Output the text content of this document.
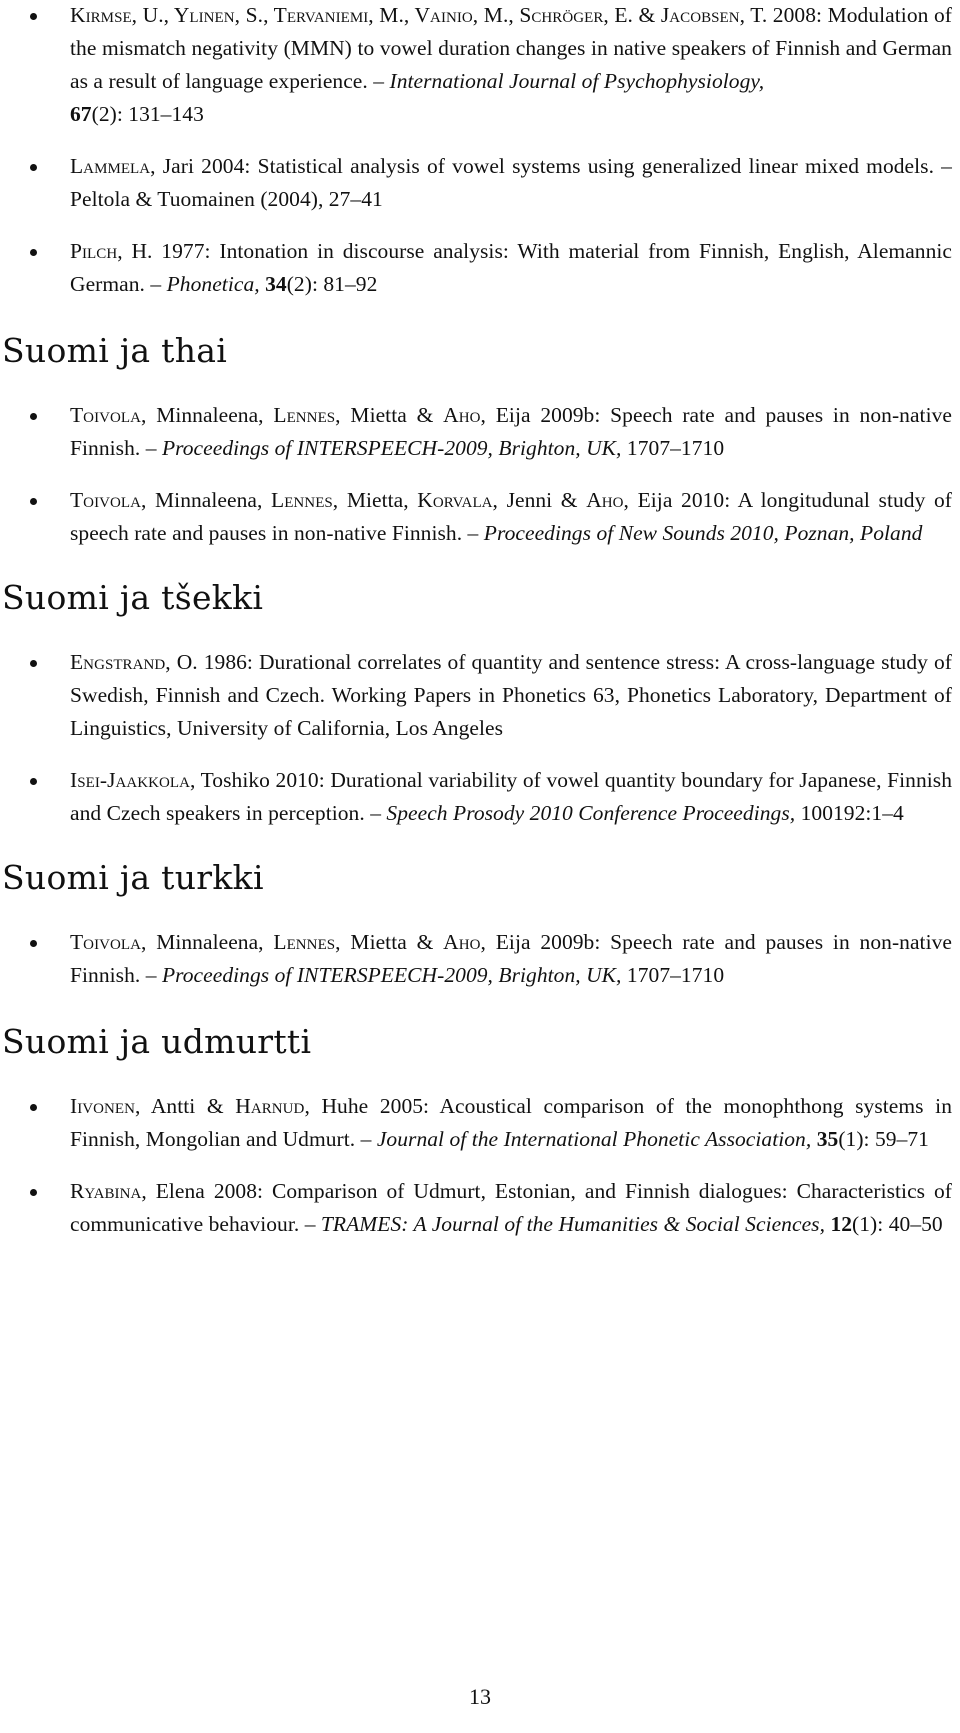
Kirmse, U., Ylinen, S., Tervaniemi, M., Vainio, M., Schröger, E. & Jacobsen, T. 2008: Modulation of the mismatch negativity (MMN) to vowel duration changes in native speakers of Finnish and German as a result of language experience. – International Journal of Psychophysiology,
67(2): 131–143
Lammela, Jari 2004: Statistical analysis of vowel systems using generalized linear mixed models. – Peltola & Tuomainen (2004), 27–41
Pilch, H. 1977: Intonation in discourse analysis: With material from Finnish, English, Alemannic German. – Phonetica, 34(2): 81–92
Suomi ja thai
Toivola, Minnaleena, Lennes, Mietta & Aho, Eija 2009b: Speech rate and pauses in non-native Finnish. – Proceedings of INTERSPEECH-2009, Brighton, UK, 1707–1710
Toivola, Minnaleena, Lennes, Mietta, Korvala, Jenni & Aho, Eija 2010: A longitudunal study of speech rate and pauses in non-native Finnish. – Proceedings of New Sounds 2010, Poznan, Poland
Suomi ja tšekki
Engstrand, O. 1986: Durational correlates of quantity and sentence stress: A cross-language study of Swedish, Finnish and Czech. Working Papers in Phonetics 63, Phonetics Laboratory, Department of Linguistics, University of California, Los Angeles
Isei-Jaakkola, Toshiko 2010: Durational variability of vowel quantity boundary for Japanese, Finnish and Czech speakers in perception. – Speech Prosody 2010 Conference Proceedings, 100192:1–4
Suomi ja turkki
Toivola, Minnaleena, Lennes, Mietta & Aho, Eija 2009b: Speech rate and pauses in non-native Finnish. – Proceedings of INTERSPEECH-2009, Brighton, UK, 1707–1710
Suomi ja udmurtti
Iivonen, Antti & Harnud, Huhe 2005: Acoustical comparison of the monophthong systems in Finnish, Mongolian and Udmurt. – Journal of the International Phonetic Association, 35(1): 59–71
Ryabina, Elena 2008: Comparison of Udmurt, Estonian, and Finnish dialogues: Characteristics of communicative behaviour. – TRAMES: A Journal of the Humanities & Social Sciences, 12(1): 40–50
13
